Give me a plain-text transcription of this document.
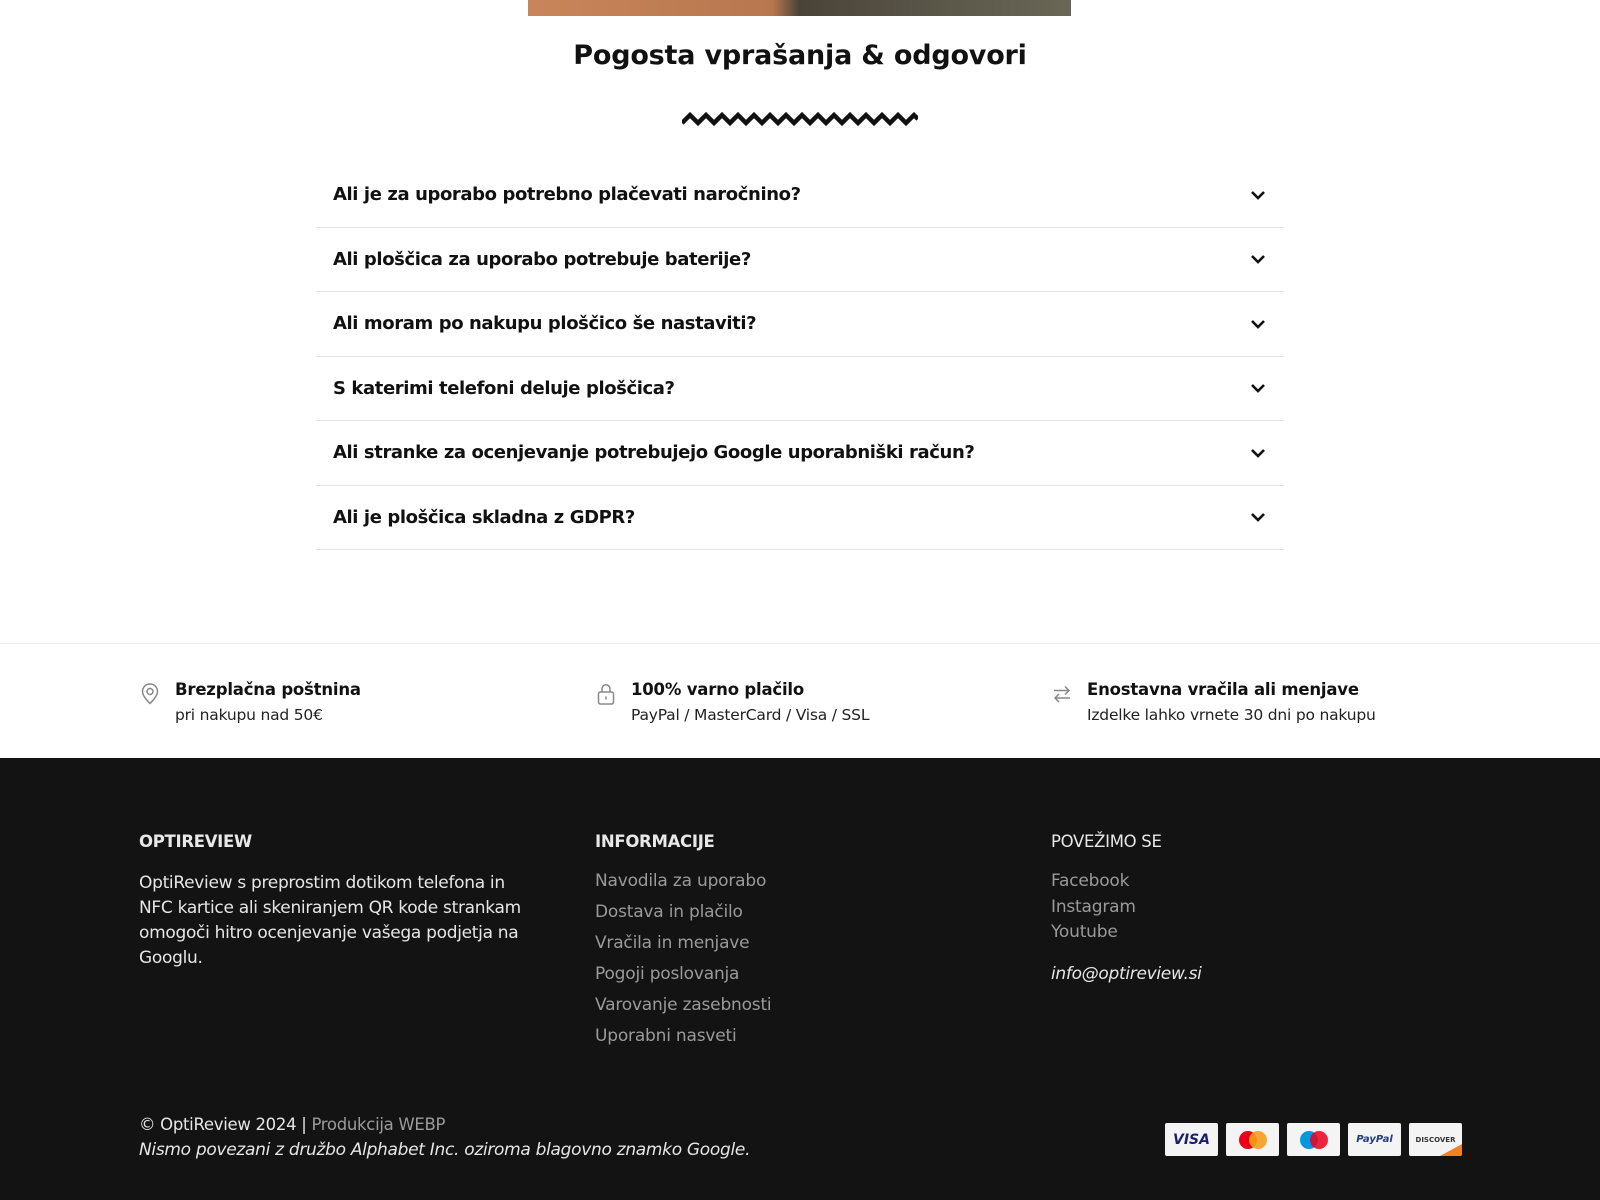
Pogosta vprašanja & odgovori
Ali je za uporabo potrebno plačevati naročnino?
Ali ploščica za uporabo potrebuje baterije?
Ali moram po nakupu ploščico še nastaviti?
S katerimi telefoni deluje ploščica?
Ali stranke za ocenjevanje potrebujejo Google uporabniški račun?
Ali je ploščica skladna z GDPR?
Brezplačna poštnina
pri nakupu nad 50€
100% varno plačilo
PayPal / MasterCard / Visa / SSL
Enostavna vračila ali menjave
Izdelke lahko vrnete 30 dni po nakupu
OPTIREVIEW

OptiReview s preprostim dotikom telefona in NFC kartice ali skeniranjem QR kode strankam omogoči hitro ocenjevanje vašega podjetja na Googlu.

INFORMACIJE
Navodila za uporabo
Dostava in plačilo
Vračila in menjave
Pogoji poslovanja
Varovanje zasebnosti
Uporabni nasveti
POVEŽIMO SE
Facebook
Instagram
Youtube
info@optireview.si
© OptiReview 2024 | Produkcija WEBP
Nismo povezani z družbo Alphabet Inc. oziroma blagovno znamko Google.
VISA	PayPal	DISCOVER
